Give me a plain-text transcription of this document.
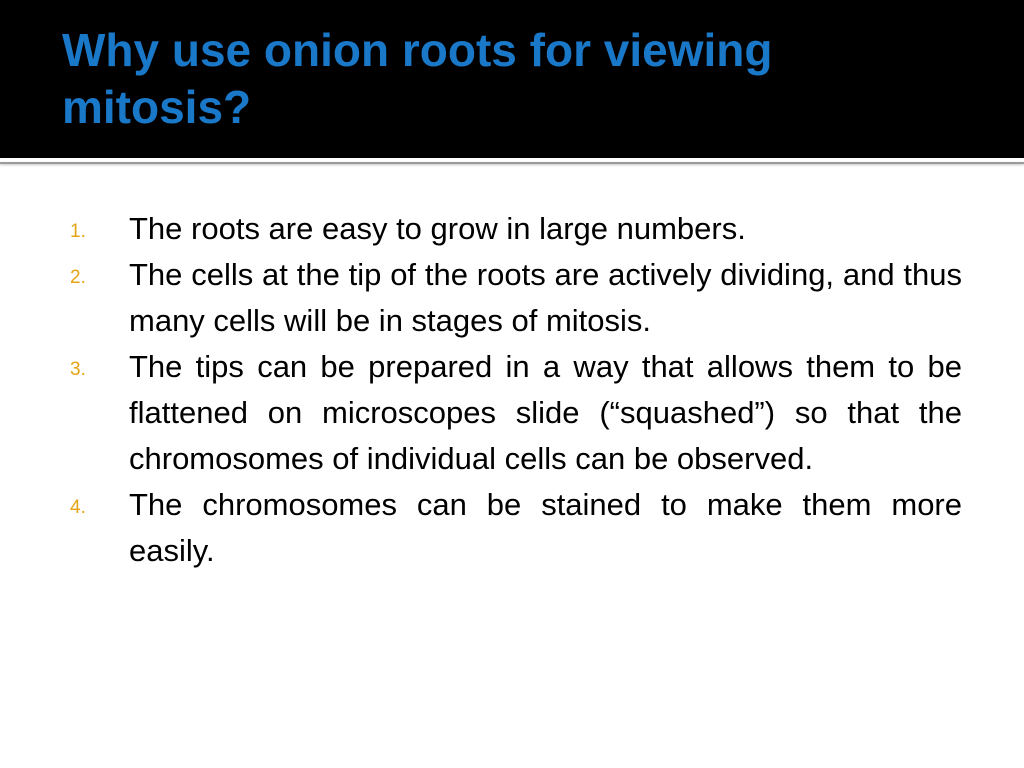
Why use onion roots for viewing mitosis?
1. The roots are easy to grow in large numbers.
2. The cells at the tip of the roots are actively dividing, and thus many cells will be in stages of mitosis.
3. The tips can be prepared in a way that allows them to be flattened on microscopes slide (“squashed”) so that the chromosomes of individual cells can be observed.
4. The chromosomes can be stained to make them more easily.
